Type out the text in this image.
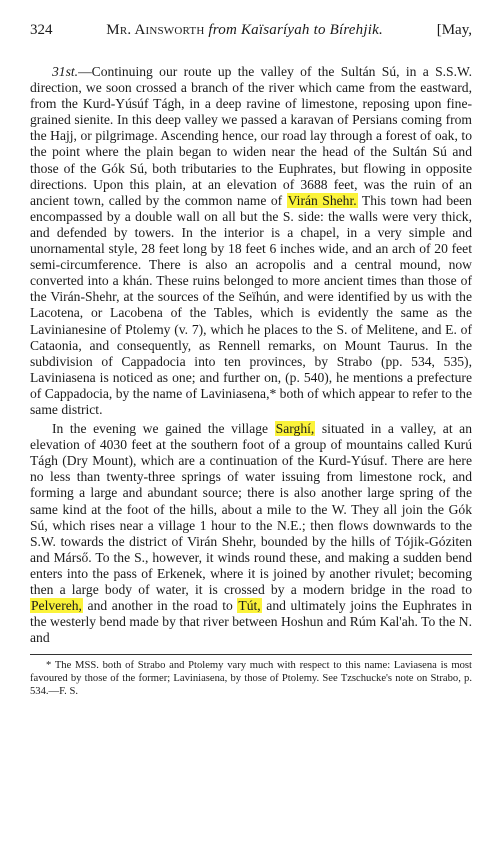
324	Mr. Ainsworth from Kaïsaríyah to Bírehjik.	[May,

31st.—Continuing our route up the valley of the Sultán Sú, in a S.S.W. direction, we soon crossed a branch of the river which came from the eastward, from the Kurd-Yúsúf Tágh, in a deep ravine of limestone, reposing upon fine-grained sienite. In this deep valley we passed a karavan of Persians coming from the Hajj, or pilgrimage. Ascending hence, our road lay through a forest of oak, to the point where the plain began to widen near the head of the Sultán Sú and those of the Gók Sú, both tributaries to the Euphrates, but flowing in opposite directions. Upon this plain, at an elevation of 3688 feet, was the ruin of an ancient town, called by the common name of Virán Shehr. This town had been encompassed by a double wall on all but the S. side: the walls were very thick, and defended by towers. In the interior is a chapel, in a very simple and unornamental style, 28 feet long by 18 feet 6 inches wide, and an arch of 20 feet semi-circumference. There is also an acropolis and a central mound, now converted into a khán. These ruins belonged to more ancient times than those of the Virán-Shehr, at the sources of the Seïhún, and were identified by us with the Lacotena, or Lacobena of the Tables, which is evidently the same as the Lavinianesine of Ptolemy (v. 7), which he places to the S. of Melitene, and E. of Cataonia, and consequently, as Rennell remarks, on Mount Taurus. In the subdivision of Cappadocia into ten provinces, by Strabo (pp. 534, 535), Laviniasena is noticed as one; and further on, (p. 540), he mentions a prefecture of Cappadocia, by the name of Laviniasena,* both of which appear to refer to the same district.

In the evening we gained the village Sarghí, situated in a valley, at an elevation of 4030 feet at the southern foot of a group of mountains called Kurú Tágh (Dry Mount), which are a continuation of the Kurd-Yúsuf. There are here no less than twenty-three springs of water issuing from limestone rock, and forming a large and abundant source; there is also another large spring of the same kind at the foot of the hills, about a mile to the W. They all join the Gók Sú, which rises near a village 1 hour to the N.E.; then flows downwards to the S.W. towards the district of Virán Shehr, bounded by the hills of Tójik-Góziten and Márső. To the S., however, it winds round these, and making a sudden bend enters into the pass of Erkenek, where it is joined by another rivulet; becoming then a large body of water, it is crossed by a modern bridge in the road to Pelvereh, and another in the road to Tút, and ultimately joins the Euphrates in the westerly bend made by that river between Hoshun and Rúm Kal'ah. To the N. and

* The MSS. both of Strabo and Ptolemy vary much with respect to this name: Laviasena is most favoured by those of the former; Laviniasena, by those of Ptolemy. See Tzschucke's note on Strabo, p. 534.—F. S.
